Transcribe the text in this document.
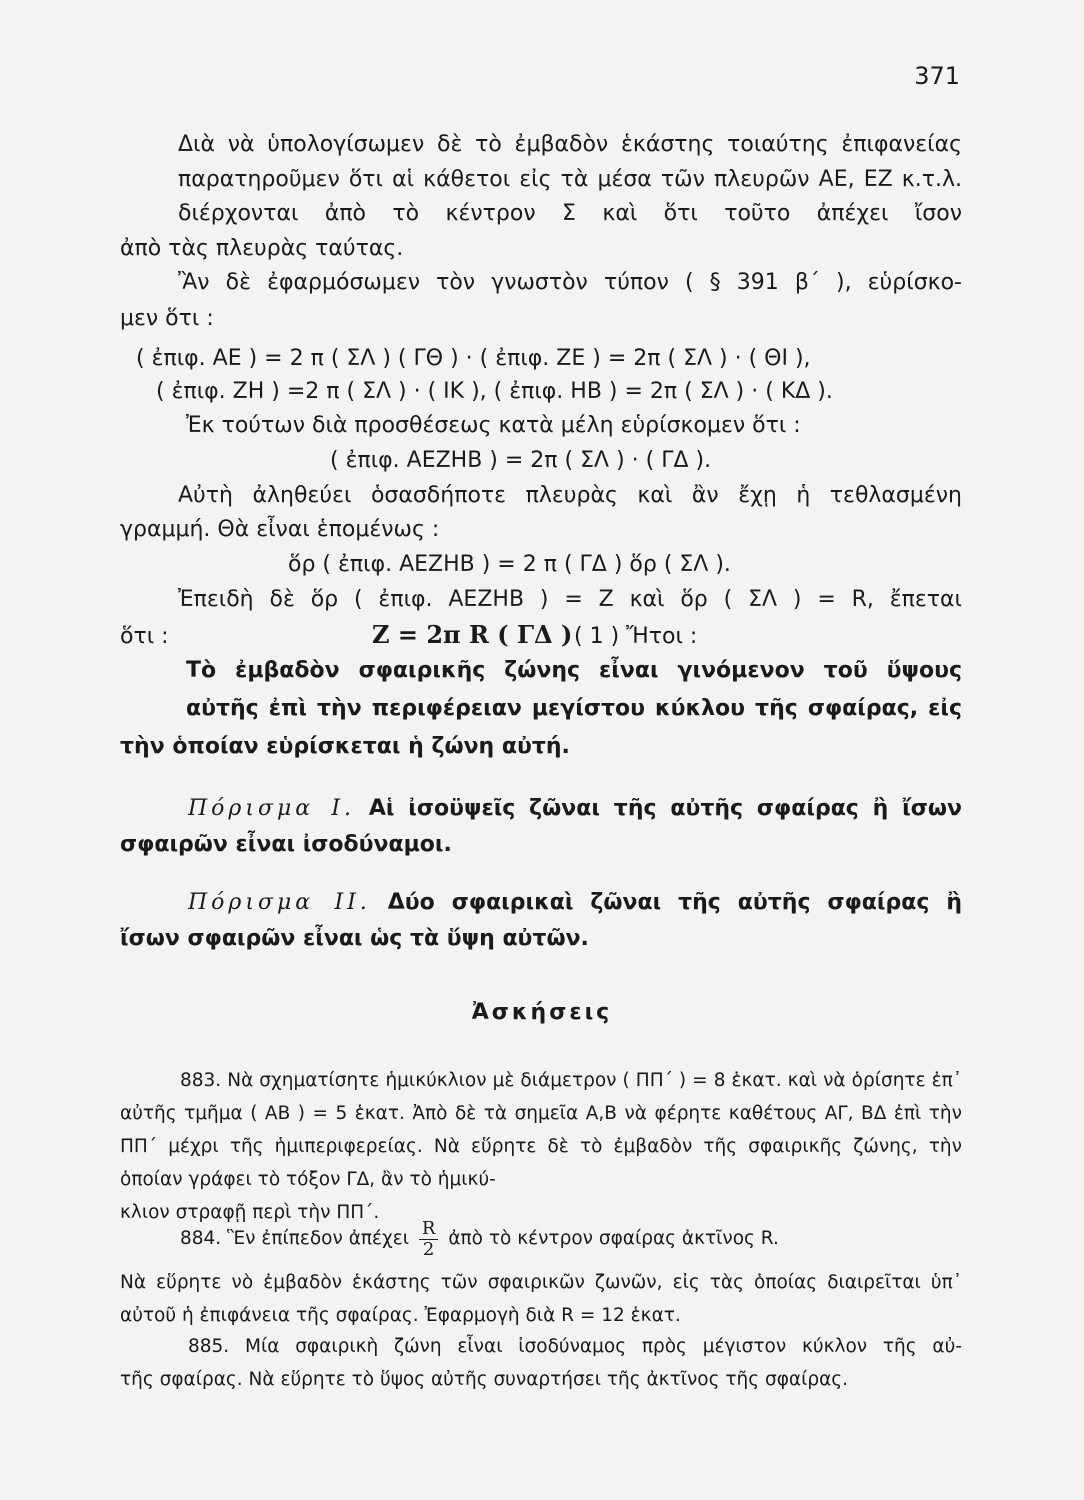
371
Διὰ νὰ ὑπολογίσωμεν δὲ τὸ ἐμβαδὸν ἑκάστης τοιαύτης ἐπιφανείας παρατηροῦμεν ὅτι αἱ κάθετοι εἰς τὰ μέσα τῶν πλευρῶν ΑΕ, ΕΖ κ.τ.λ. διέρχονται ἀπὸ τὸ κέντρον Σ καὶ ὅτι τοῦτο ἀπέχει ἴσον
ἀπὸ τὰς πλευρὰς ταύτας.
Ἂν δὲ ἐφαρμόσωμεν τὸν γνωστὸν τύπον ( § 391 β΄ ), εὑρίσκο-
μεν ὅτι :
( ἐπιφ. ΑΕ ) = 2 π ( ΣΛ ) ( ΓΘ ) · ( ἐπιφ. ΖΕ ) = 2π ( ΣΛ ) · ( ΘΙ ),
( ἐπιφ. ΖΗ ) =2 π ( ΣΛ ) · ( ΙΚ ), ( ἐπιφ. ΗΒ ) = 2π ( ΣΛ ) · ( ΚΔ ).
Ἐκ τούτων διὰ προσθέσεως κατὰ μέλη εὑρίσκομεν ὅτι :
( ἐπιφ. ΑΕΖΗΒ ) = 2π ( ΣΛ ) · ( ΓΔ ).
Αὐτὴ ἀληθεύει ὁσασδήποτε πλευρὰς καὶ ἂν ἔχῃ ἡ τεθλασμένη
γραμμή. Θὰ εἶναι ἑπομένως :
ὅρ ( ἐπιφ. ΑΕΖΗΒ ) = 2 π ( ΓΔ ) ὅρ ( ΣΛ ).
Ἐπειδὴ δὲ ὅρ ( ἐπιφ. ΑΕΖΗΒ ) = Ζ καὶ ὅρ ( ΣΛ ) = R, ἔπεται
ὅτι :	Ζ = 2π R ( ΓΔ ) ( 1 ) Ἤτοι :
Τὸ ἐμβαδὸν σφαιρικῆς ζώνης εἶναι γινόμενον τοῦ ὕψους αὐτῆς ἐπὶ τὴν περιφέρειαν μεγίστου κύκλου τῆς σφαίρας, εἰς
τὴν ὁποίαν εὑρίσκεται ἡ ζώνη αὐτή.
Πόρισμα Ι. Αἱ ἰσοϋψεῖς ζῶναι τῆς αὐτῆς σφαίρας ἢ ἴσων
σφαιρῶν εἶναι ἰσοδύναμοι.
Πόρισμα ΙΙ. Δύο σφαιρικαὶ ζῶναι τῆς αὐτῆς σφαίρας ἢ
ἴσων σφαιρῶν εἶναι ὡς τὰ ὕψη αὐτῶν.
Ἀσκήσεις
883. Νὰ σχηματίσητε ἡμικύκλιον μὲ διάμετρον ( ΠΠ΄ ) = 8 ἑκατ. καὶ νὰ ὁρίσητε ἐπ᾿ αὐτῆς τμῆμα ( ΑΒ ) = 5 ἑκατ. Ἀπὸ δὲ τὰ σημεῖα Α,Β νὰ φέρητε καθέτους ΑΓ, ΒΔ ἐπὶ τὴν ΠΠ΄ μέχρι τῆς ἡμιπεριφερείας. Νὰ εὕρητε δὲ τὸ ἐμβαδὸν τῆς σφαιρικῆς ζώνης, τὴν ὁποίαν γράφει τὸ τόξον ΓΔ, ἂν τὸ ἡμικύ-
κλιον στραφῇ περὶ τὴν ΠΠ΄.
884. Ἓν ἐπίπεδον ἀπέχει $\frac{R}{2}$ ἀπὸ τὸ κέντρον σφαίρας ἀκτῖνος R.
Νὰ εὕρητε νὸ ἐμβαδὸν ἑκάστης τῶν σφαιρικῶν ζωνῶν, εἰς τὰς ὁποίας διαιρεῖται ὑπ᾿ αὐτοῦ ἡ ἐπιφάνεια τῆς σφαίρας. Ἐφαρμογὴ διὰ R = 12 ἑκατ.
885. Μία σφαιρικὴ ζώνη εἶναι ἰσοδύναμος πρὸς μέγιστον κύκλον τῆς αὐ-
τῆς σφαίρας. Νὰ εὕρητε τὸ ὕψος αὐτῆς συναρτήσει τῆς ἀκτῖνος τῆς σφαίρας.
